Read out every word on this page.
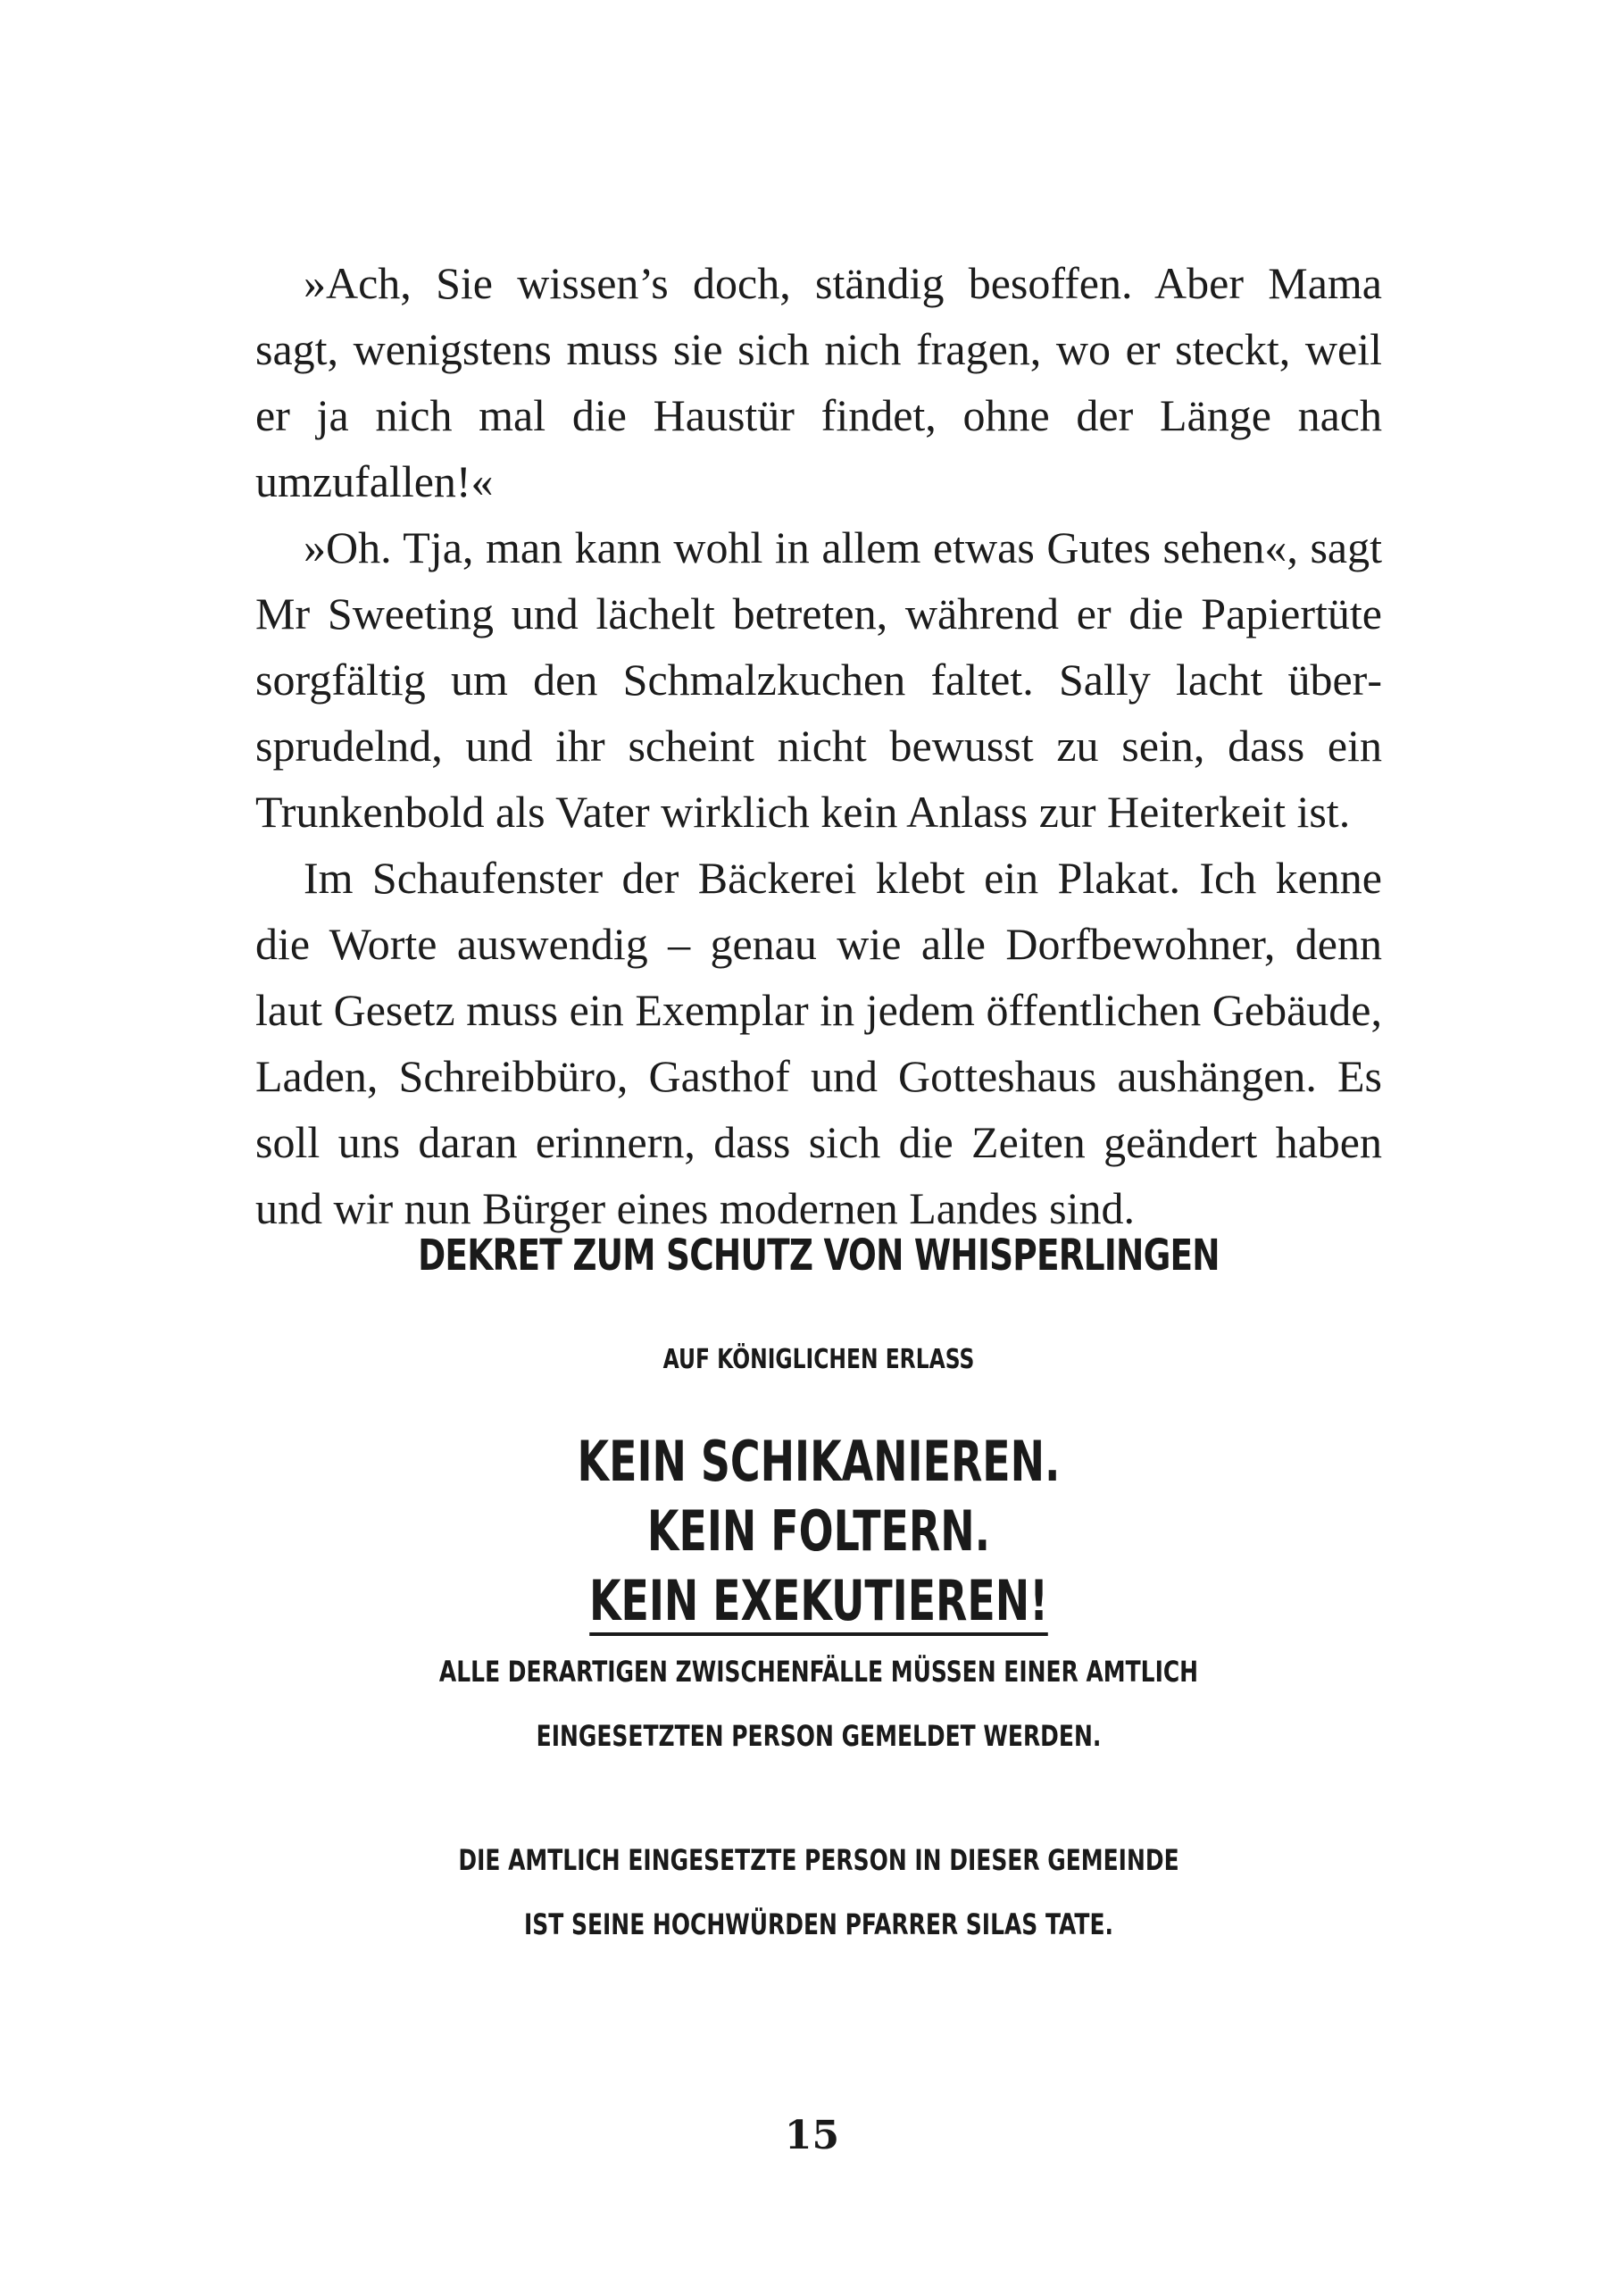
»Ach, Sie wissen’s doch, ständig besoffen. Aber Mama sagt, wenigstens muss sie sich nich fragen, wo er steckt, weil er ja nich mal die Haustür findet, ohne der Länge nach umzufallen!«

»Oh. Tja, man kann wohl in allem etwas Gutes sehen«, sagt Mr Sweeting und lächelt betreten, während er die Papiertüte sorgfältig um den Schmalzkuchen faltet. Sally lacht übersprudelnd, und ihr scheint nicht bewusst zu sein, dass ein Trunkenbold als Vater wirklich kein Anlass zur Heiterkeit ist.

Im Schaufenster der Bäckerei klebt ein Plakat. Ich kenne die Worte auswendig – genau wie alle Dorfbewohner, denn laut Gesetz muss ein Exemplar in jedem öffentlichen Gebäude, Laden, Schreibbüro, Gasthof und Gotteshaus aushängen. Es soll uns daran erinnern, dass sich die Zeiten geändert haben und wir nun Bürger eines modernen Landes sind.

DEKRET ZUM SCHUTZ VON WHISPERLINGEN
AUF KÖNIGLICHEN ERLASS
KEIN SCHIKANIEREN.
KEIN FOLTERN.
KEIN EXEKUTIEREN!
ALLE DERARTIGEN ZWISCHENFÄLLE MÜSSEN EINER AMTLICH
EINGESETZTEN PERSON GEMELDET WERDEN.
DIE AMTLICH EINGESETZTE PERSON IN DIESER GEMEINDE
IST SEINE HOCHWÜRDEN PFARRER SILAS TATE.
15
